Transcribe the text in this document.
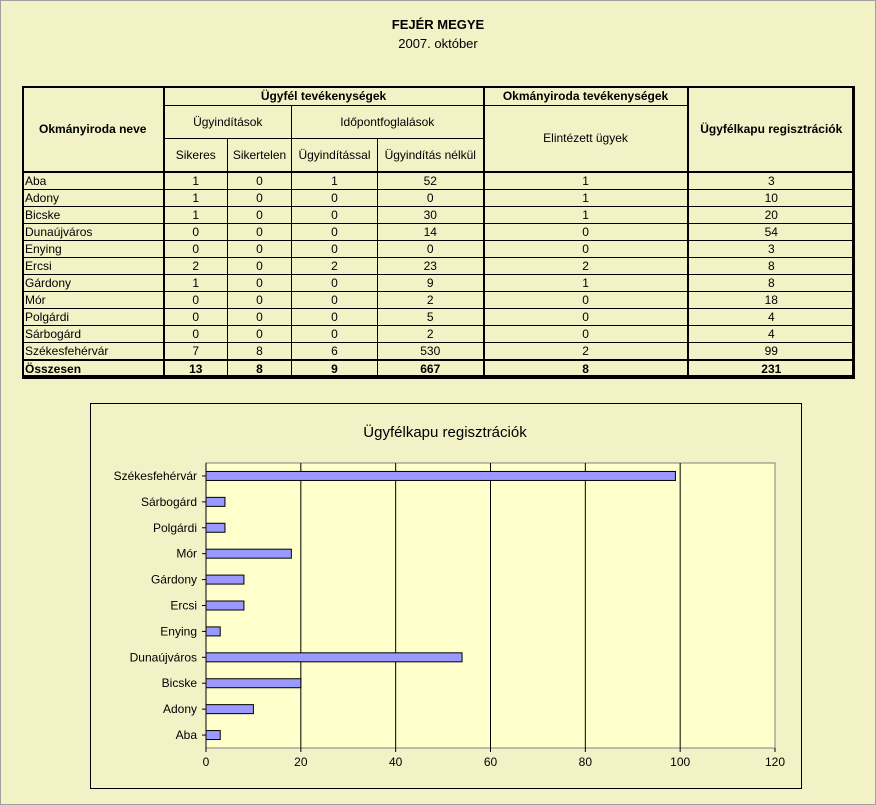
FEJÉR MEGYE
2007. október
Okmányiroda neve	Ügyfél tevékenységek				Okmányiroda tevékenységek	Ügyfélkapu regisztrációk
	Ügyindítások		Időpontfoglalások		Elintézett ügyek	
	Sikeres	Sikertelen	Ügyindítással	Ügyindítás nélkül		
Aba	1	0	1	52	1	3
Adony	1	0	0	0	1	10
Bicske	1	0	0	30	1	20
Dunaújváros	0	0	0	14	0	54
Enying	0	0	0	0	0	3
Ercsi	2	0	2	23	2	8
Gárdony	1	0	0	9	1	8
Mór	0	0	0	2	0	18
Polgárdi	0	0	0	5	0	4
Sárbogárd	0	0	0	2	0	4
Székesfehérvár	7	8	6	530	2	99
Összesen	13	8	9	667	8	231
0	20	40	60	80	100	120
Aba
Adony
Bicske
Dunaújváros
Enying
Ercsi
Gárdony
Mór
Polgárdi
Sárbogárd
Székesfehérvár
Ügyfélkapu regisztrációk
